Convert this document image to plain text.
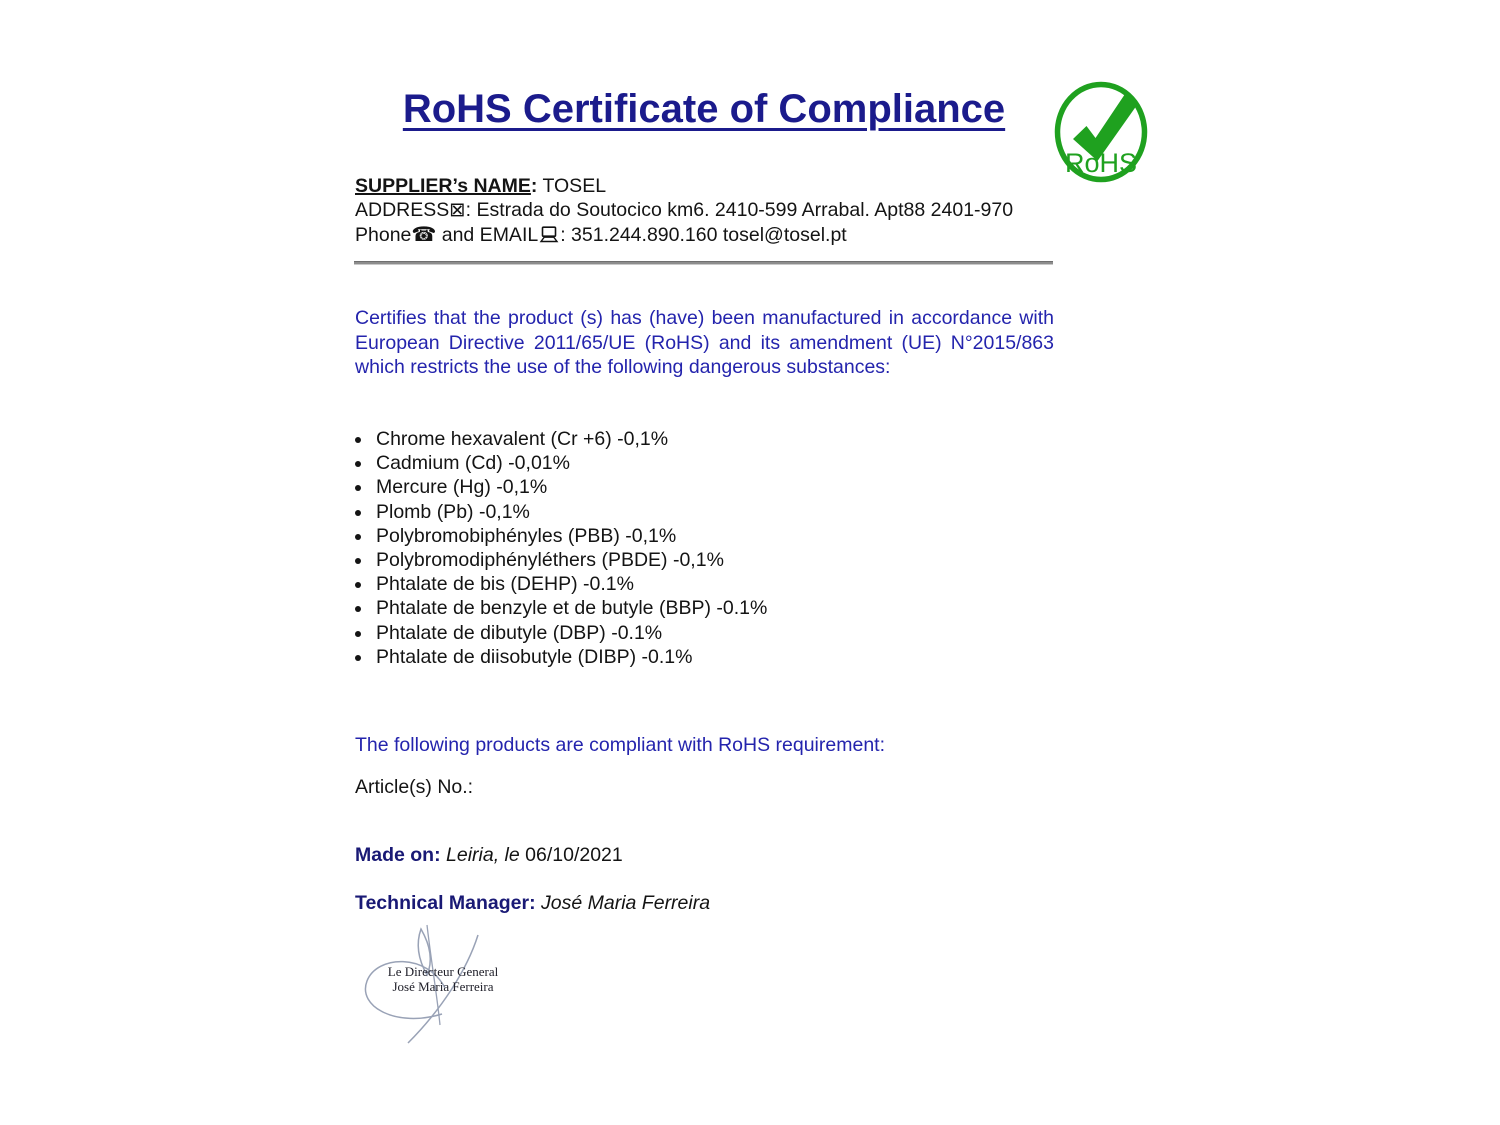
RoHS Certificate of Compliance
RoHS
SUPPLIER’s NAME: TOSEL
ADDRESS⊠: Estrada do Soutocico km6. 2410-599 Arrabal. Apt88 2401-970
Phone☎ and EMAIL : 351.244.890.160 tosel@tosel.pt

Certifies that the product (s) has (have) been manufactured in accordance with European Directive 2011/65/UE (RoHS) and its amendment (UE) N°2015/863 which restricts the use of the following dangerous substances:

• Chrome hexavalent (Cr +6) -0,1%
• Cadmium (Cd) -0,01%
• Mercure (Hg) -0,1%
• Plomb (Pb) -0,1%
• Polybromobiphényles (PBB) -0,1%
• Polybromodiphényléthers (PBDE) -0,1%
• Phtalate de bis (DEHP) -0.1%
• Phtalate de benzyle et de butyle (BBP) -0.1%
• Phtalate de dibutyle (DBP) -0.1%
• Phtalate de diisobutyle (DIBP) -0.1%
The following products are compliant with RoHS requirement:
Article(s) No.:
Made on: Leiria, le 06/10/2021
Technical Manager: José Maria Ferreira
Le Directeur General
José Maria Ferreira
